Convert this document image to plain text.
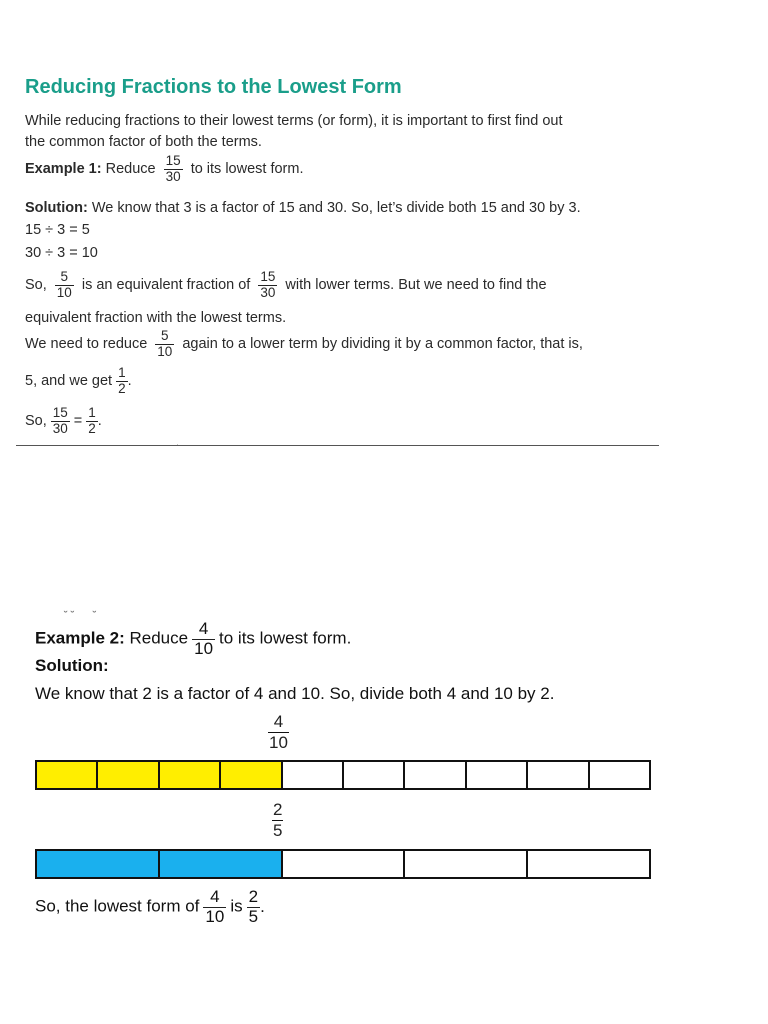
Reducing Fractions to the Lowest Form
While reducing fractions to their lowest terms (or form), it is important to first find out
the common factor of both the terms.
Example 1: Reduce $\frac{15}{30}$ to its lowest form.
Solution: We know that 3 is a factor of 15 and 30. So, let’s divide both 15 and 30 by 3.
15 ÷ 3 = 5
30 ÷ 3 = 10
So, $\frac{5}{10}$ is an equivalent fraction of $\frac{15}{30}$ with lower terms. But we need to find the
equivalent fraction with the lowest terms.
We need to reduce $\frac{5}{10}$ again to a lower term by dividing it by a common factor, that is,
5, and we get $\frac{1}{2}$ .
So, $\frac{15}{30} = \frac{1}{2}$ .
ˌ
˘ ˘      ˘
Example 2: Reduce $\frac{4}{10}$ to its lowest form.
Solution:
We know that 2 is a factor of 4 and 10. So, divide both 4 and 10 by 2.
$\frac{4}{10}$
$\frac{2}{5}$
So, the lowest form of $\frac{4}{10}$ is $\frac{2}{5}$ .
